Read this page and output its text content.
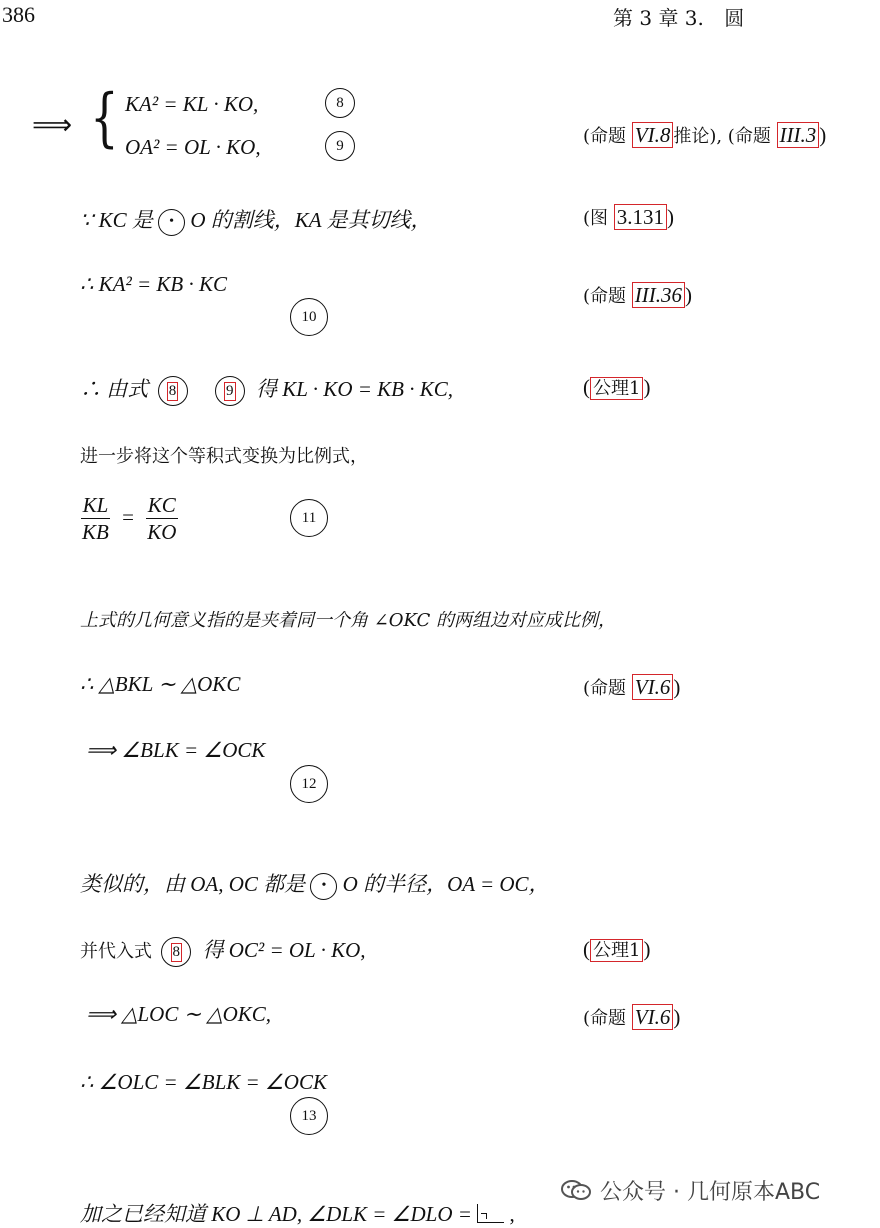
386	第 3 章 3. 圆
⟹ { KA² = KL · KO,	8
OA² = OL · KO,	9	(命题 VI.8 推论), (命题 III.3 )
∵ KC 是 • O 的割线，KA 是其切线，	(图 3.131 )
∴ KA² = KB · KC
10
(命题 III.36 )
∴ 由式 8
	9 得 KL · KO = KB · KC,	( 公理1 )
进一步将这个等积式变换为比例式，
$\frac{KL}{KB} = \frac{KC}{KO}$	11
上式的几何意义指的是夹着同一个角 ∠OKC 的两组边对应成比例，
∴ △BKL ∼ △OKC	(命题 VI.6 )
⟹ ∠BLK = ∠OCK
12
类似的，由 OA, OC 都是 • O 的半径，OA = OC，
并代入式 8 得 OC² = OL · KO,	( 公理1 )
⟹ △LOC ∼ △OKC,	(命题 VI.6 )
∴ ∠OLC = ∠BLK = ∠OCK
13
加之已经知道 KO ⊥ AD, ∠DLK = ∠DLO = ,
公众号 · 几何原本ABC
